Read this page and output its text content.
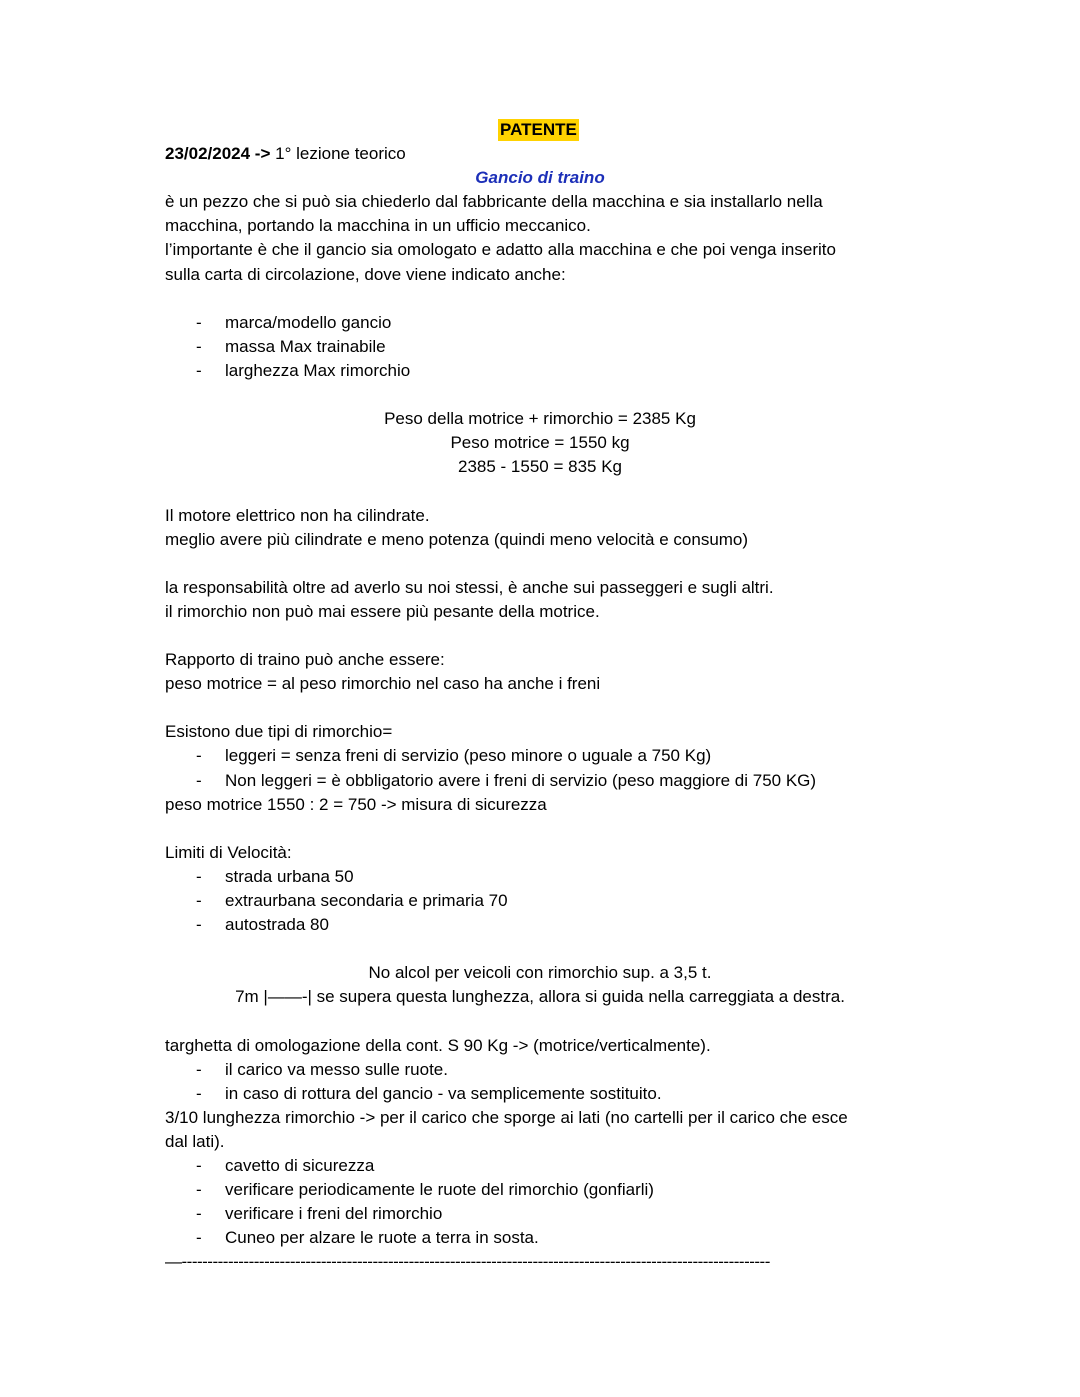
PATENTE
23/02/2024 -> 1° lezione teorico
Gancio di traino
è un pezzo che si può sia chiederlo dal fabbricante della macchina e sia installarlo nella
macchina, portando la macchina in un ufficio meccanico.
l’importante è che il gancio sia omologato e adatto alla macchina e che poi venga inserito
sulla carta di circolazione, dove viene indicato anche:
- marca/modello gancio
- massa Max trainabile
- larghezza Max rimorchio
Peso della motrice + rimorchio = 2385 Kg
Peso motrice = 1550 kg
2385 - 1550 = 835 Kg
Il motore elettrico non ha cilindrate.
meglio avere più cilindrate e meno potenza (quindi meno velocità e consumo)
la responsabilità oltre ad averlo su noi stessi, è anche sui passeggeri e sugli altri.
il rimorchio non può mai essere più pesante della motrice.
Rapporto di traino può anche essere:
peso motrice = al peso rimorchio nel caso ha anche i freni
Esistono due tipi di rimorchio=
- leggeri = senza freni di servizio (peso minore o uguale a 750 Kg)
- Non leggeri = è obbligatorio avere i freni di servizio (peso maggiore di 750 KG)
peso motrice 1550 : 2 = 750 -> misura di sicurezza
Limiti di Velocità:
- strada urbana 50
- extraurbana secondaria e primaria 70
- autostrada 80
No alcol per veicoli con rimorchio sup. a 3,5 t.
7m |——-| se supera questa lunghezza, allora si guida nella carreggiata a destra.
targhetta di omologazione della cont. S 90 Kg -> (motrice/verticalmente).
- il carico va messo sulle ruote.
- in caso di rottura del gancio - va semplicemente sostituito.
3/10 lunghezza rimorchio -> per il carico che sporge ai lati (no cartelli per il carico che esce
dal lati).
- cavetto di sicurezza
- verificare periodicamente le ruote del rimorchio (gonfiarli)
- verificare i freni del rimorchio
- Cuneo per alzare le ruote a terra in sosta.
—------------------------------------------------------------------------------------------------------------------
